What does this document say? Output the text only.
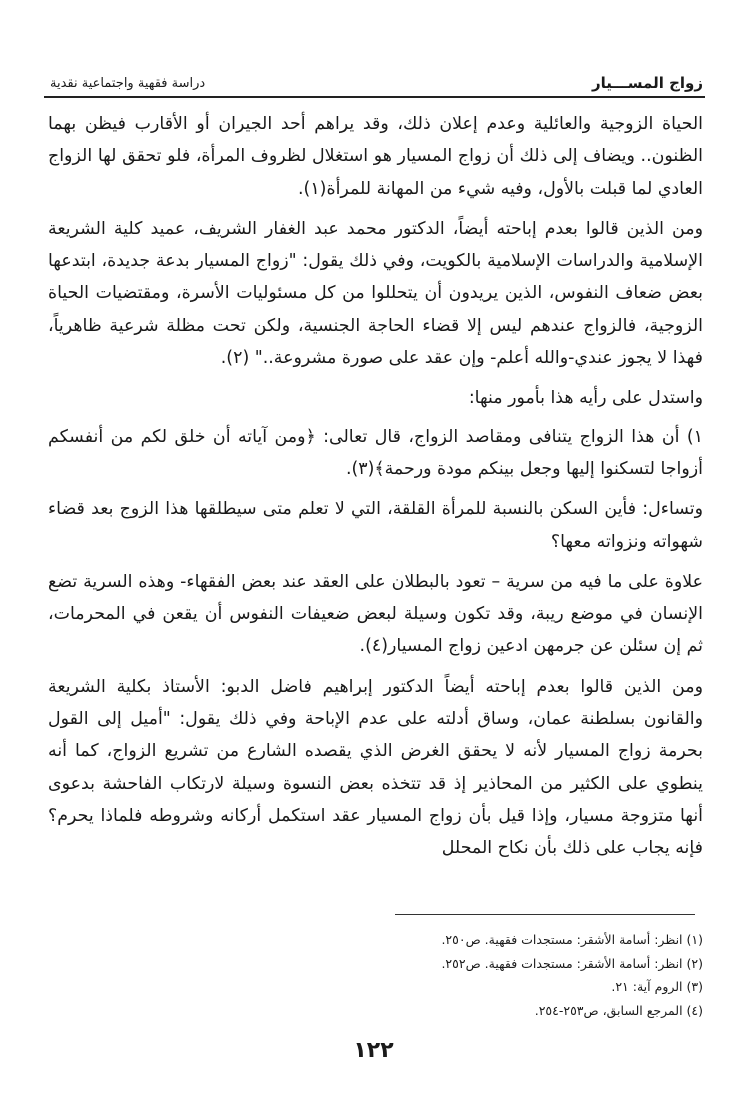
زواج المســـيار
دراسة فقهية واجتماعية نقدية

الحياة الزوجية والعائلية وعدم إعلان ذلك، وقد يراهم أحد الجيران أو الأقارب فيظن بهما الظنون.. ويضاف إلى ذلك أن زواج المسيار هو استغلال لظروف المرأة، فلو تحقق لها الزواج العادي لما قبلت بالأول، وفيه شيء من المهانة للمرأة(١).

ومن الذين قالوا بعدم إباحته أيضاً، الدكتور محمد عبد الغفار الشريف، عميد كلية الشريعة الإسلامية والدراسات الإسلامية بالكويت، وفي ذلك يقول: "زواج المسيار بدعة جديدة، ابتدعها بعض ضعاف النفوس، الذين يريدون أن يتحللوا من كل مسئوليات الأسرة، ومقتضيات الحياة الزوجية، فالزواج عندهم ليس إلا قضاء الحاجة الجنسية، ولكن تحت مظلة شرعية ظاهرياً، فهذا لا يجوز عندي-والله أعلم- وإن عقد على صورة مشروعة.." (٢).

واستدل على رأيه هذا بأمور منها:

١) أن هذا الزواج يتنافى ومقاصد الزواج، قال تعالى: ﴿ومن آياته أن خلق لكم من أنفسكم أزواجا لتسكنوا إليها وجعل بينكم مودة ورحمة﴾(٣).

وتساءل: فأين السكن بالنسبة للمرأة القلقة، التي لا تعلم متى سيطلقها هذا الزوج بعد قضاء شهواته ونزواته معها؟

علاوة على ما فيه من سرية – تعود بالبطلان على العقد عند بعض الفقهاء- وهذه السرية تضع الإنسان في موضع ريبة، وقد تكون وسيلة لبعض ضعيفات النفوس أن يقعن في المحرمات، ثم إن سئلن عن جرمهن ادعين زواج المسيار(٤).

ومن الذين قالوا بعدم إباحته أيضاً الدكتور إبراهيم فاضل الدبو: الأستاذ بكلية الشريعة والقانون بسلطنة عمان، وساق أدلته على عدم الإباحة وفي ذلك يقول: "أميل إلى القول بحرمة زواج المسيار لأنه لا يحقق الغرض الذي يقصده الشارع من تشريع الزواج، كما أنه ينطوي على الكثير من المحاذير إذ قد تتخذه بعض النسوة وسيلة لارتكاب الفاحشة بدعوى أنها متزوجة مسيار، وإذا قيل بأن زواج المسيار عقد استكمل أركانه وشروطه فلماذا يحرم؟ فإنه يجاب على ذلك بأن نكاح المحلل

(١) انظر: أسامة الأشقر: مستجدات فقهية. ص٢٥٠.
(٢) انظر: أسامة الأشقر: مستجدات فقهية. ص٢٥٢.
(٣) الروم آية: ٢١.
(٤) المرجع السابق، ص٢٥٣-٢٥٤.
١٢٢
